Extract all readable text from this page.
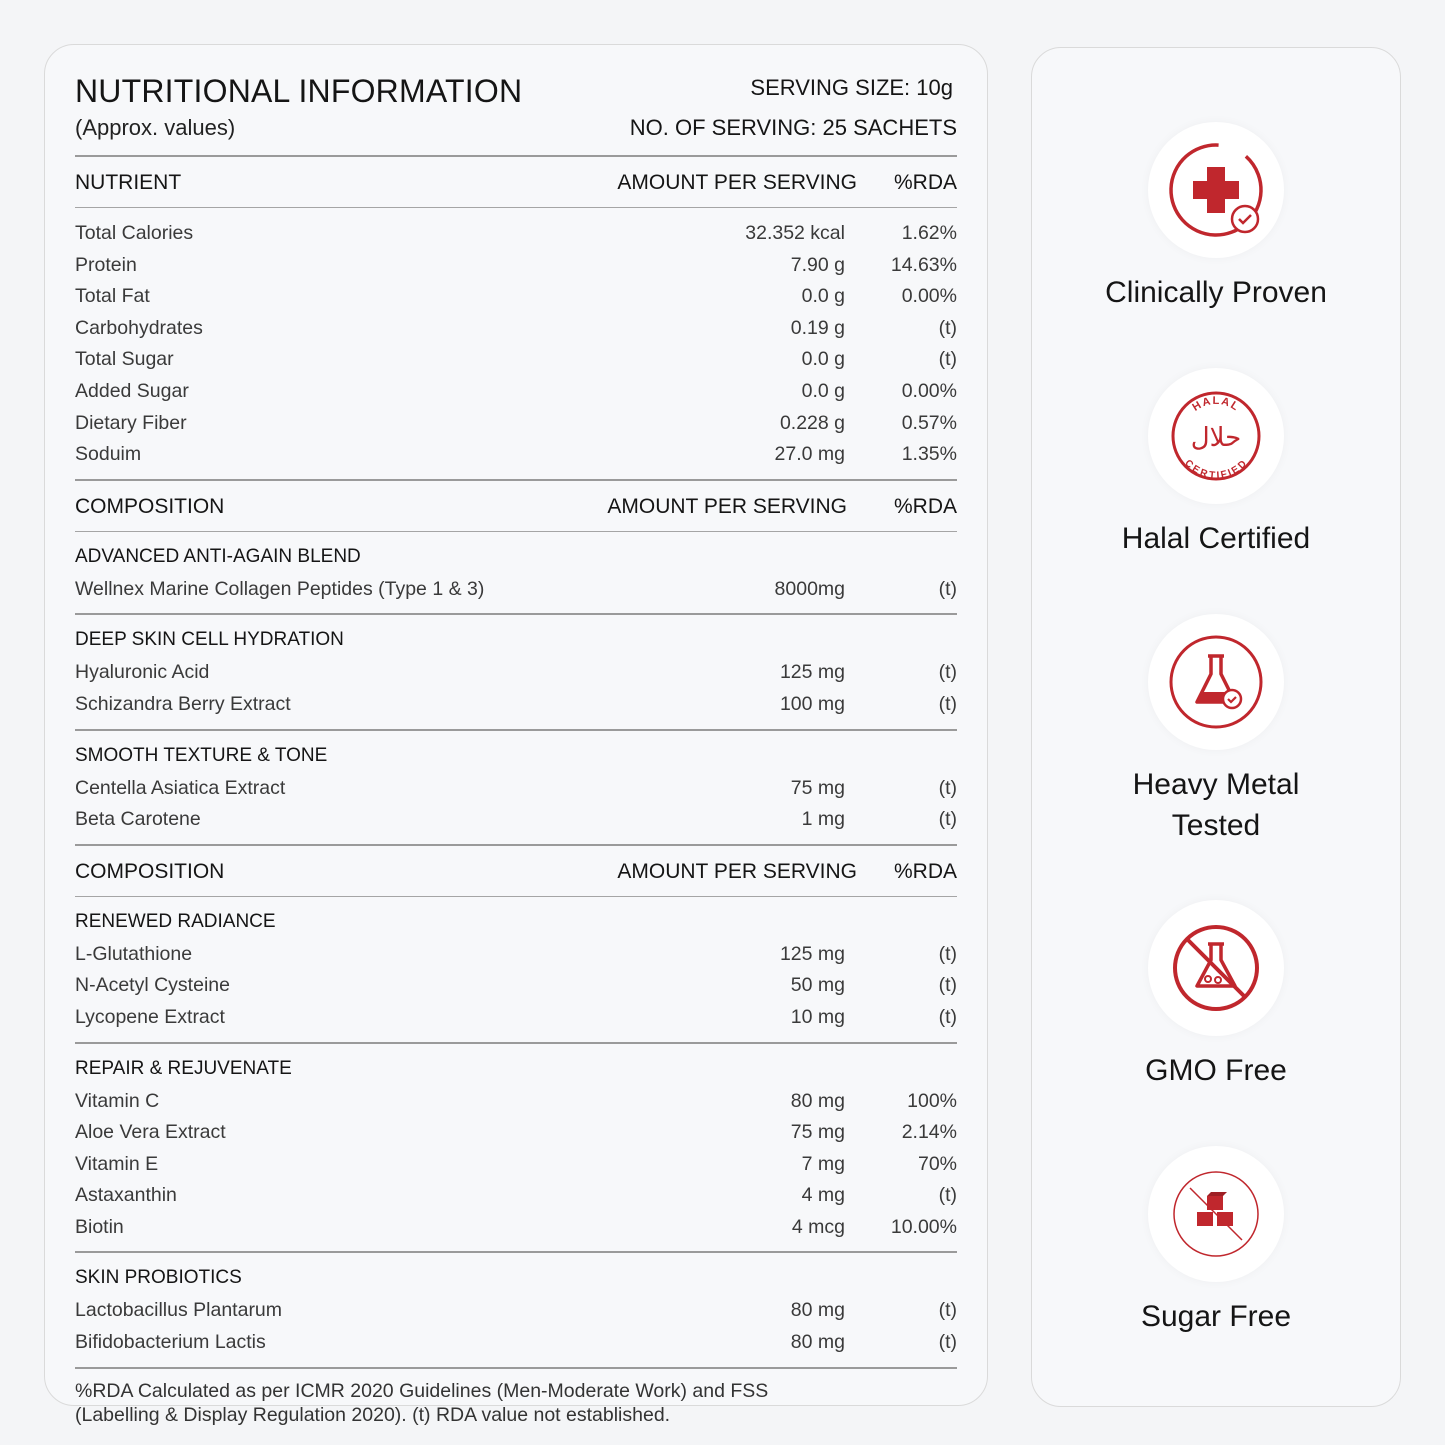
NUTRITIONAL INFORMATION
(Approx. values)
SERVING SIZE: 10g
NO. OF SERVING: 25 SACHETS
NUTRIENT	AMOUNT PER SERVING %RDA
Total Calories	32.352 kcal	1.62%
Protein	7.90 g 14.63%
Total Fat	0.0 g	0.00%
Carbohydrates	0.19 g	(t)
Total Sugar	0.0 g	(t)
Added Sugar	0.0 g	0.00%
Dietary Fiber	0.228 g	0.57%
Soduim	27.0 mg	1.35%
COMPOSITION	AMOUNT PER SERVING %RDA
ADVANCED ANTI-AGAIN BLEND
Wellnex Marine Collagen Peptides (Type 1 & 3)	8000mg	(t)
DEEP SKIN CELL HYDRATION
Hyaluronic Acid	125 mg	(t)
Schizandra Berry Extract	100 mg	(t)
SMOOTH TEXTURE & TONE
Centella Asiatica Extract	75 mg	(t)
Beta Carotene	1 mg	(t)
COMPOSITION	AMOUNT PER SERVING %RDA
RENEWED RADIANCE
L-Glutathione	125 mg	(t)
N-Acetyl Cysteine	50 mg	(t)
Lycopene Extract	10 mg	(t)
REPAIR & REJUVENATE
Vitamin C	80 mg	100%
Aloe Vera Extract	75 mg	2.14%
Vitamin E	7 mg	70%
Astaxanthin	4 mg	(t)
Biotin	4 mcg 10.00%
SKIN PROBIOTICS
Lactobacillus Plantarum	80 mg	(t)
Bifidobacterium Lactis	80 mg	(t)
%RDA Calculated as per ICMR 2020 Guidelines (Men-Moderate Work) and FSS
(Labelling & Display Regulation 2020). (t) RDA value not established.
Clinically Proven
HALAL
CERTIFIED
حلال
Halal Certified
Heavy Metal
Tested
GMO Free
Sugar Free
